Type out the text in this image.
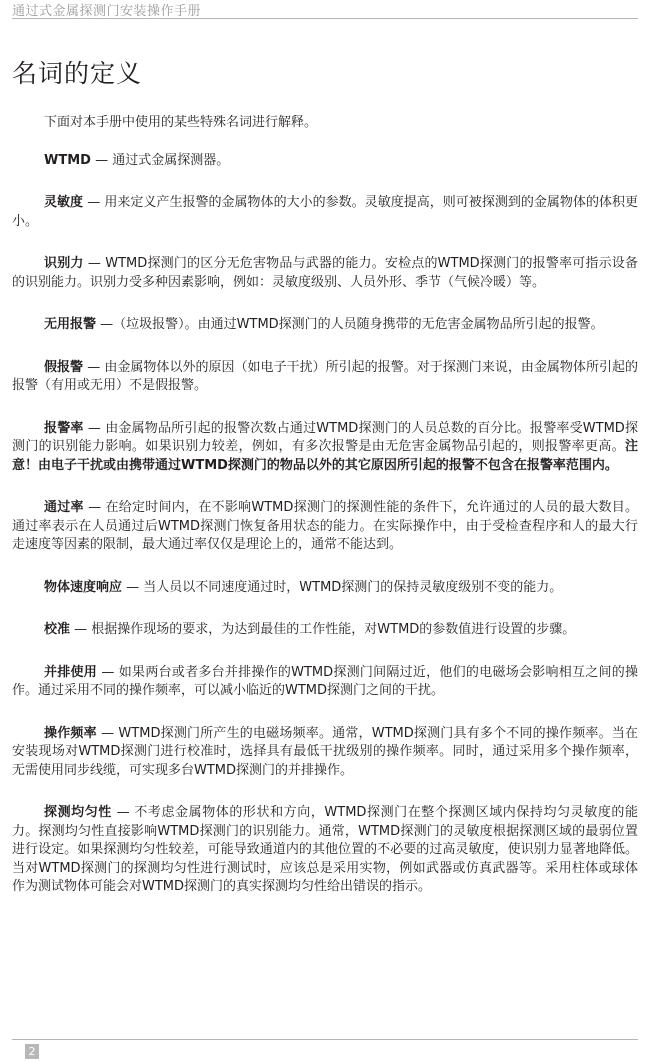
通过式金属探测门安装操作手册
名词的定义

下面对本手册中使用的某些特殊名词进行解释。

WTMD — 通过式金属探测器。

灵敏度 — 用来定义产生报警的金属物体的大小的参数。灵敏度提高，则可被探测到的金属物体的体积更小。

识别力 — WTMD探测门的区分无危害物品与武器的能力。安检点的WTMD探测门的报警率可指示设备的识别能力。识别力受多种因素影响，例如：灵敏度级别、人员外形、季节（气候冷暖）等。

无用报警 —（垃圾报警）。由通过WTMD探测门的人员随身携带的无危害金属物品所引起的报警。

假报警 — 由金属物体以外的原因（如电子干扰）所引起的报警。对于探测门来说，由金属物体所引起的报警（有用或无用）不是假报警。

报警率 — 由金属物品所引起的报警次数占通过WTMD探测门的人员总数的百分比。报警率受WTMD探测门的识别能力影响。如果识别力较差，例如，有多次报警是由无危害金属物品引起的，则报警率更高。注意！由电子干扰或由携带通过WTMD探测门的物品以外的其它原因所引起的报警不包含在报警率范围内。

通过率 — 在给定时间内，在不影响WTMD探测门的探测性能的条件下，允许通过的人员的最大数目。通过率表示在人员通过后WTMD探测门恢复备用状态的能力。在实际操作中，由于受检查程序和人的最大行走速度等因素的限制，最大通过率仅仅是理论上的，通常不能达到。

物体速度响应 — 当人员以不同速度通过时，WTMD探测门的保持灵敏度级别不变的能力。

校准 — 根据操作现场的要求，为达到最佳的工作性能，对WTMD的参数值进行设置的步骤。

并排使用 — 如果两台或者多台并排操作的WTMD探测门间隔过近，他们的电磁场会影响相互之间的操作。通过采用不同的操作频率，可以减小临近的WTMD探测门之间的干扰。

操作频率 — WTMD探测门所产生的电磁场频率。通常，WTMD探测门具有多个不同的操作频率。当在安装现场对WTMD探测门进行校准时，选择具有最低干扰级别的操作频率。同时，通过采用多个操作频率，无需使用同步线缆，可实现多台WTMD探测门的并排操作。

探测均匀性 — 不考虑金属物体的形状和方向，WTMD探测门在整个探测区域内保持均匀灵敏度的能力。探测均匀性直接影响WTMD探测门的识别能力。通常，WTMD探测门的灵敏度根据探测区域的最弱位置进行设定。如果探测均匀性较差，可能导致通道内的其他位置的不必要的过高灵敏度，使识别力显著地降低。当对WTMD探测门的探测均匀性进行测试时，应该总是采用实物，例如武器或仿真武器等。采用柱体或球体作为测试物体可能会对WTMD探测门的真实探测均匀性给出错误的指示。

2
